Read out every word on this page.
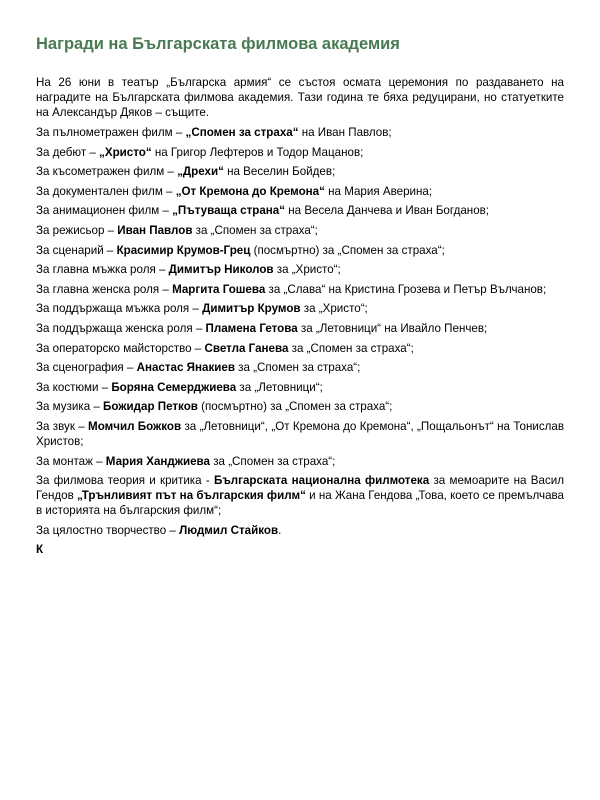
Награди на Българската филмова академия

На 26 юни в театър „Българска армия“ се състоя осмата церемония по раздаването на наградите на Българската филмова академия. Тази година те бяха редуцирани, но статуетките на Александър Дяков – същите.

За пълнометражен филм – „Спомен за страха“ на Иван Павлов;

За дебют – „Христо“ на Григор Лефтеров и Тодор Мацанов;

За късометражен филм – „Дрехи“ на Веселин Бойдев;

За документален филм – „От Кремона до Кремона“ на Мария Аверина;

За анимационен филм – „Пътуваща страна“ на Весела Данчева и Иван Богданов;

За режисьор – Иван Павлов за „Спомен за страха“;

За сценарий – Красимир Крумов-Грец (посмъртно) за „Спомен за страха“;

За главна мъжка роля – Димитър Николов за „Христо“;

За главна женска роля – Маргита Гошева за „Слава“ на Кристина Грозева и Петър Вълчанов;

За поддържаща мъжка роля – Димитър Крумов за „Христо“;

За поддържаща женска роля – Пламена Гетова за „Летовници“ на Ивайло Пенчев;

За операторско майсторство – Светла Ганева за „Спомен за страха“;

За сценография – Анастас Янакиев за „Спомен за страха“;

За костюми – Боряна Семерджиева за „Летовници“;

За музика – Божидар Петков (посмъртно) за „Спомен за страха“;

За звук – Момчил Божков за „Летовници“, „От Кремона до Кремона“, „Пощальонът“ на Тонислав Христов;

За монтаж – Мария Ханджиева за „Спомен за страха“;

За филмова теория и критика - Българската национална филмотека за мемоарите на Васил Гендов „Трънливият път на българския филм“ и на Жана Гендова „Това, което се премълчава в историята на българския филм“;

За цялостно творчество – Людмил Стайков.

К
